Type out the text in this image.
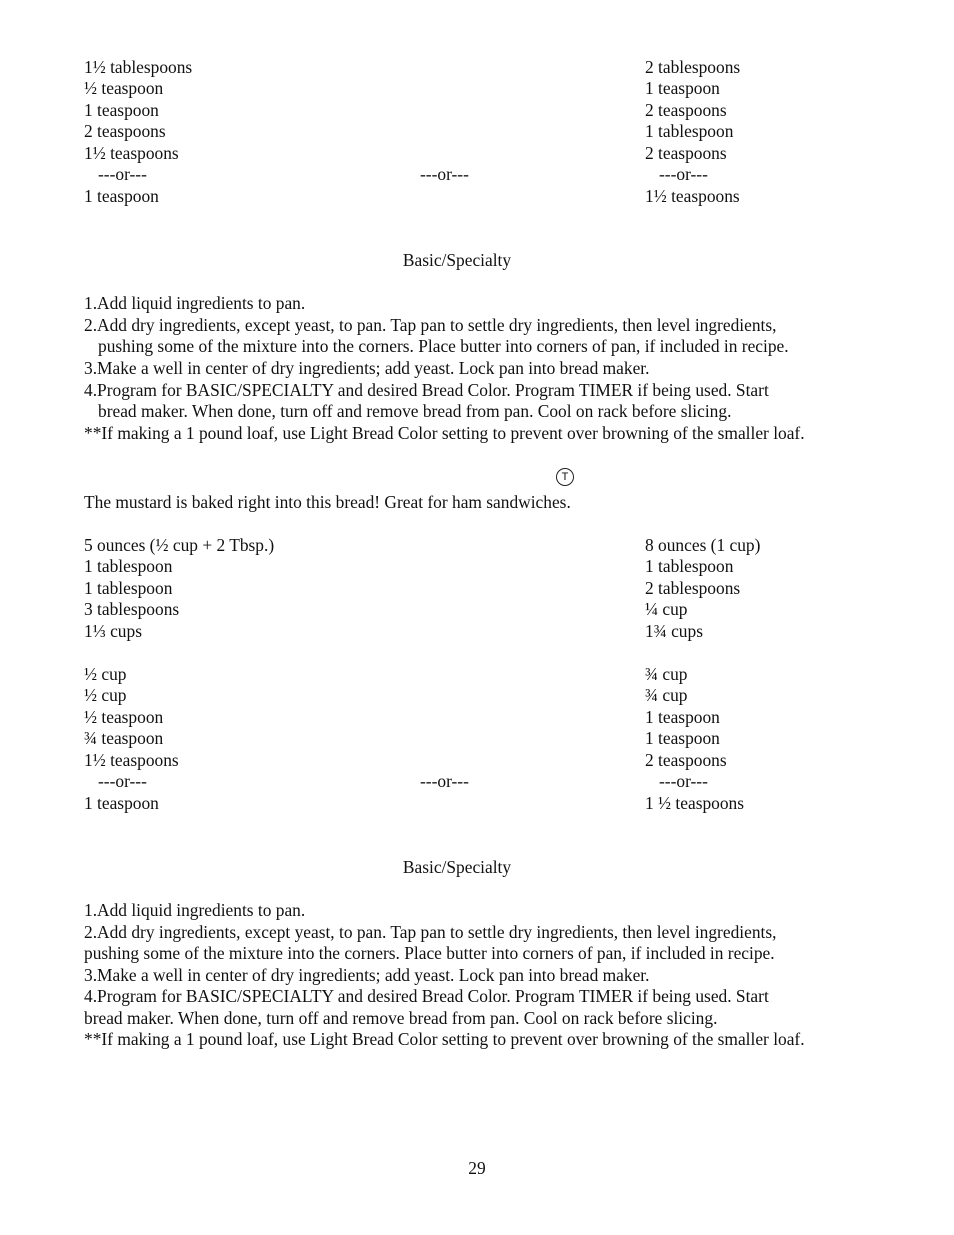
1½ tablespoons	2 tablespoons
½ teaspoon	1 teaspoon
1 teaspoon	2 teaspoons
2 teaspoons	1 tablespoon
1½ teaspoons	2 teaspoons
---or---	---or---	---or---
1 teaspoon	1½ teaspoons
Basic/Specialty
1.Add liquid ingredients to pan.
2.Add dry ingredients, except yeast, to pan. Tap pan to settle dry ingredients, then level ingredients,
pushing some of the mixture into the corners. Place butter into corners of pan, if included in recipe.
3.Make a well in center of dry ingredients; add yeast. Lock pan into bread maker.
4.Program for BASIC/SPECIALTY and desired Bread Color. Program TIMER if being used. Start
bread maker. When done, turn off and remove bread from pan. Cool on rack before slicing.
**If making a 1 pound loaf, use Light Bread Color setting to prevent over browning of the smaller loaf.
T
The mustard is baked right into this bread! Great for ham sandwiches.
5 ounces (½ cup + 2 Tbsp.)	8 ounces (1 cup)
1 tablespoon	1 tablespoon
1 tablespoon	2 tablespoons
3 tablespoons	¼ cup
1⅓ cups	1¾ cups
½ cup	¾ cup
½ cup	¾ cup
½ teaspoon	1 teaspoon
¾ teaspoon	1 teaspoon
1½ teaspoons	2 teaspoons
---or---	---or---	---or---
1 teaspoon	1 ½ teaspoons
Basic/Specialty
1.Add liquid ingredients to pan.
2.Add dry ingredients, except yeast, to pan. Tap pan to settle dry ingredients, then level ingredients,
pushing some of the mixture into the corners. Place butter into corners of pan, if included in recipe.
3.Make a well in center of dry ingredients; add yeast. Lock pan into bread maker.
4.Program for BASIC/SPECIALTY and desired Bread Color. Program TIMER if being used. Start
bread maker. When done, turn off and remove bread from pan. Cool on rack before slicing.
**If making a 1 pound loaf, use Light Bread Color setting to prevent over browning of the smaller loaf.
29
